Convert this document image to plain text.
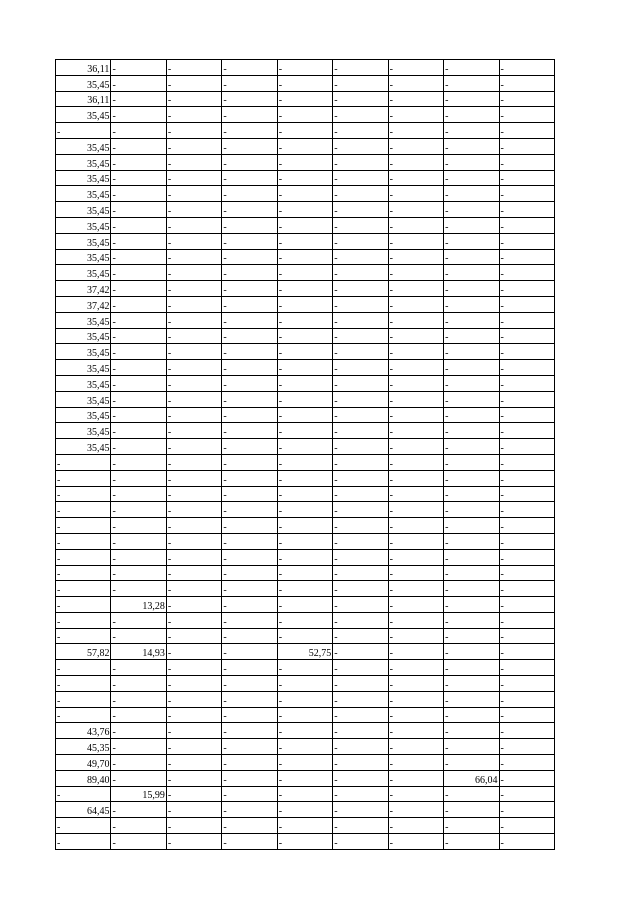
36,11	-	-	-	-	-	-	-	-
35,45	-	-	-	-	-	-	-	-
36,11	-	-	-	-	-	-	-	-
35,45	-	-	-	-	-	-	-	-
-	-	-	-	-	-	-	-	-
35,45	-	-	-	-	-	-	-	-
35,45	-	-	-	-	-	-	-	-
35,45	-	-	-	-	-	-	-	-
35,45	-	-	-	-	-	-	-	-
35,45	-	-	-	-	-	-	-	-
35,45	-	-	-	-	-	-	-	-
35,45	-	-	-	-	-	-	-	-
35,45	-	-	-	-	-	-	-	-
35,45	-	-	-	-	-	-	-	-
37,42	-	-	-	-	-	-	-	-
37,42	-	-	-	-	-	-	-	-
35,45	-	-	-	-	-	-	-	-
35,45	-	-	-	-	-	-	-	-
35,45	-	-	-	-	-	-	-	-
35,45	-	-	-	-	-	-	-	-
35,45	-	-	-	-	-	-	-	-
35,45	-	-	-	-	-	-	-	-
35,45	-	-	-	-	-	-	-	-
35,45	-	-	-	-	-	-	-	-
35,45	-	-	-	-	-	-	-	-
-	-	-	-	-	-	-	-	-
-	-	-	-	-	-	-	-	-
-	-	-	-	-	-	-	-	-
-	-	-	-	-	-	-	-	-
-	-	-	-	-	-	-	-	-
-	-	-	-	-	-	-	-	-
-	-	-	-	-	-	-	-	-
-	-	-	-	-	-	-	-	-
-	-	-	-	-	-	-	-	-
-	13,28	-	-	-	-	-	-	-
-	-	-	-	-	-	-	-	-
-	-	-	-	-	-	-	-	-
57,82	14,93	-	-	52,75	-	-	-	-
-	-	-	-	-	-	-	-	-
-	-	-	-	-	-	-	-	-
-	-	-	-	-	-	-	-	-
-	-	-	-	-	-	-	-	-
43,76	-	-	-	-	-	-	-	-
45,35	-	-	-	-	-	-	-	-
49,70	-	-	-	-	-	-	-	-
89,40	-	-	-	-	-	-	66,04	-
-	15,99	-	-	-	-	-	-	-
64,45	-	-	-	-	-	-	-	-
-	-	-	-	-	-	-	-	-
-	-	-	-	-	-	-	-	-
